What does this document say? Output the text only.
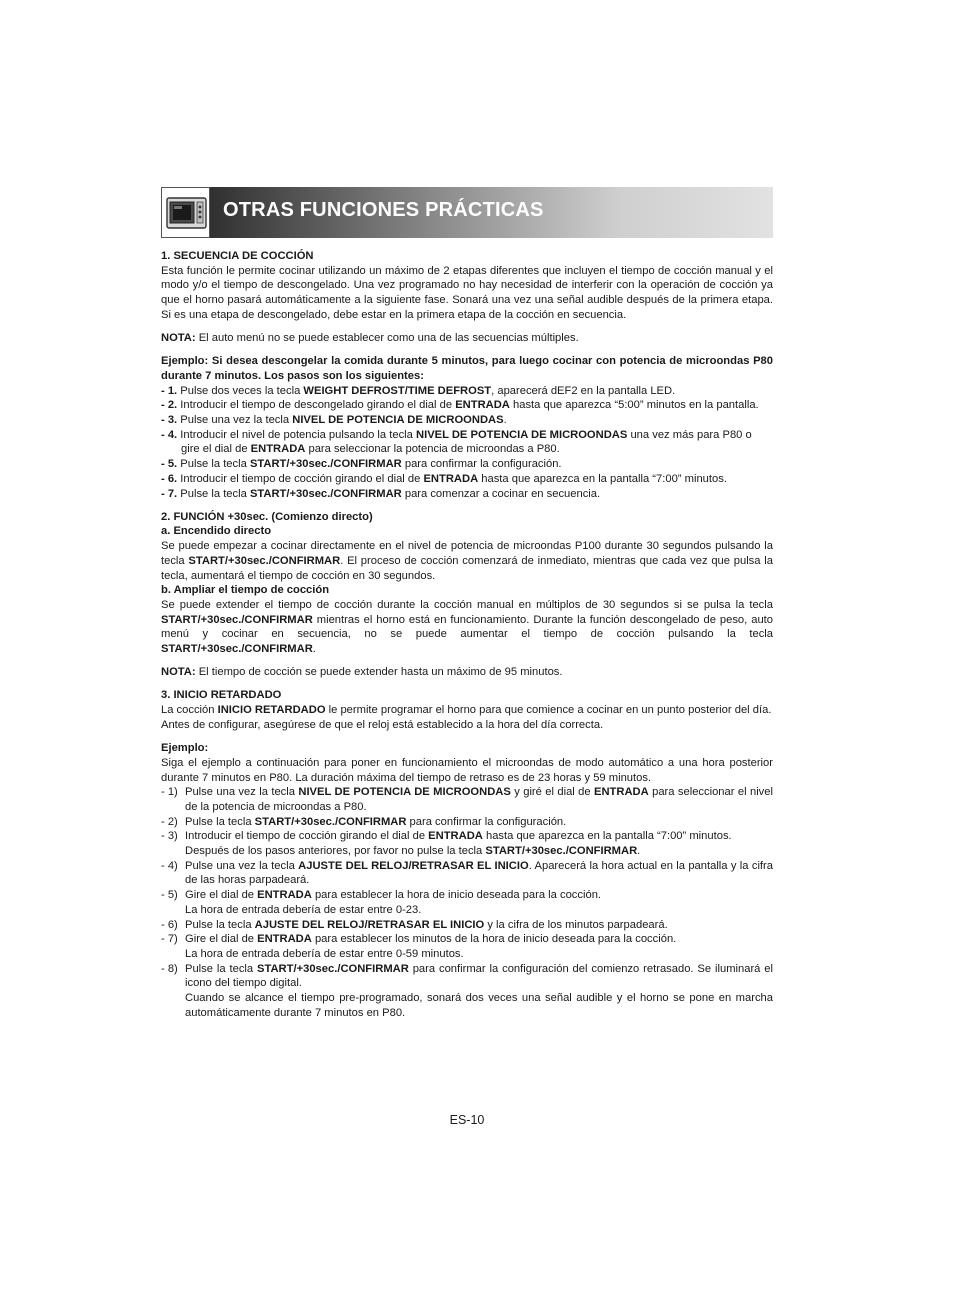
OTRAS FUNCIONES PRÁCTICAS

1. SECUENCIA DE COCCIÓN

Esta función le permite cocinar utilizando un máximo de 2 etapas diferentes que incluyen el tiempo de cocción manual y el modo y/o el tiempo de descongelado. Una vez programado no hay necesidad de interferir con la operación de cocción ya que el horno pasará automáticamente a la siguiente fase. Sonará una vez una señal audible después de la primera etapa. Si es una etapa de descongelado, debe estar en la primera etapa de la cocción en secuencia.

NOTA: El auto menú no se puede establecer como una de las secuencias múltiples.

Ejemplo: Si desea descongelar la comida durante 5 minutos, para luego cocinar con potencia de microondas P80 durante 7 minutos. Los pasos son los siguientes:

- 1. Pulse dos veces la tecla WEIGHT DEFROST/TIME DEFROST, aparecerá dEF2 en la pantalla LED.

- 2. Introducir el tiempo de descongelado girando el dial de ENTRADA hasta que aparezca “5:00” minutos en la pantalla.

- 3. Pulse una vez la tecla NIVEL DE POTENCIA DE MICROONDAS.

- 4. Introducir el nivel de potencia pulsando la tecla NIVEL DE POTENCIA DE MICROONDAS una vez más para P80 o gire el dial de ENTRADA para seleccionar la potencia de microondas a P80.

- 5. Pulse la tecla START/+30sec./CONFIRMAR para confirmar la configuración.

- 6. Introducir el tiempo de cocción girando el dial de ENTRADA hasta que aparezca en la pantalla “7:00” minutos.

- 7. Pulse la tecla START/+30sec./CONFIRMAR para comenzar a cocinar en secuencia.

2. FUNCIÓN +30sec. (Comienzo directo)

a. Encendido directo

Se puede empezar a cocinar directamente en el nivel de potencia de microondas P100 durante 30 segundos pulsando la tecla START/+30sec./CONFIRMAR. El proceso de cocción comenzará de inmediato, mientras que cada vez que pulsa la tecla, aumentará el tiempo de cocción en 30 segundos.

b. Ampliar el tiempo de cocción

Se puede extender el tiempo de cocción durante la cocción manual en múltiplos de 30 segundos si se pulsa la tecla START/+30sec./CONFIRMAR mientras el horno está en funcionamiento. Durante la función descongelado de peso, auto menú y cocinar en secuencia, no se puede aumentar el tiempo de cocción pulsando la tecla START/+30sec./CONFIRMAR.

NOTA: El tiempo de cocción se puede extender hasta un máximo de 95 minutos.

3. INICIO RETARDADO

La cocción INICIO RETARDADO le permite programar el horno para que comience a cocinar en un punto posterior del día.

Antes de configurar, asegúrese de que el reloj está establecido a la hora del día correcta.

Ejemplo:

Siga el ejemplo a continuación para poner en funcionamiento el microondas de modo automático a una hora posterior durante 7 minutos en P80. La duración máxima del tiempo de retraso es de 23 horas y 59 minutos.

- 1) Pulse una vez la tecla NIVEL DE POTENCIA DE MICROONDAS y giré el dial de ENTRADA para seleccionar el nivel de la potencia de microondas a P80.

- 2) Pulse la tecla START/+30sec./CONFIRMAR para confirmar la configuración.

- 3) Introducir el tiempo de cocción girando el dial de ENTRADA hasta que aparezca en la pantalla “7:00” minutos.

Después de los pasos anteriores, por favor no pulse la tecla START/+30sec./CONFIRMAR.

- 4) Pulse una vez la tecla AJUSTE DEL RELOJ/RETRASAR EL INICIO. Aparecerá la hora actual en la pantalla y la cifra de las horas parpadeará.

- 5) Gire el dial de ENTRADA para establecer la hora de inicio deseada para la cocción.

La hora de entrada debería de estar entre 0-23.

- 6) Pulse la tecla AJUSTE DEL RELOJ/RETRASAR EL INICIO y la cifra de los minutos parpadeará.

- 7) Gire el dial de ENTRADA para establecer los minutos de la hora de inicio deseada para la cocción.

La hora de entrada debería de estar entre 0-59 minutos.

- 8) Pulse la tecla START/+30sec./CONFIRMAR para confirmar la configuración del comienzo retrasado. Se iluminará el icono del tiempo digital.

Cuando se alcance el tiempo pre-programado, sonará dos veces una señal audible y el horno se pone en marcha automáticamente durante 7 minutos en P80.

ES-10
